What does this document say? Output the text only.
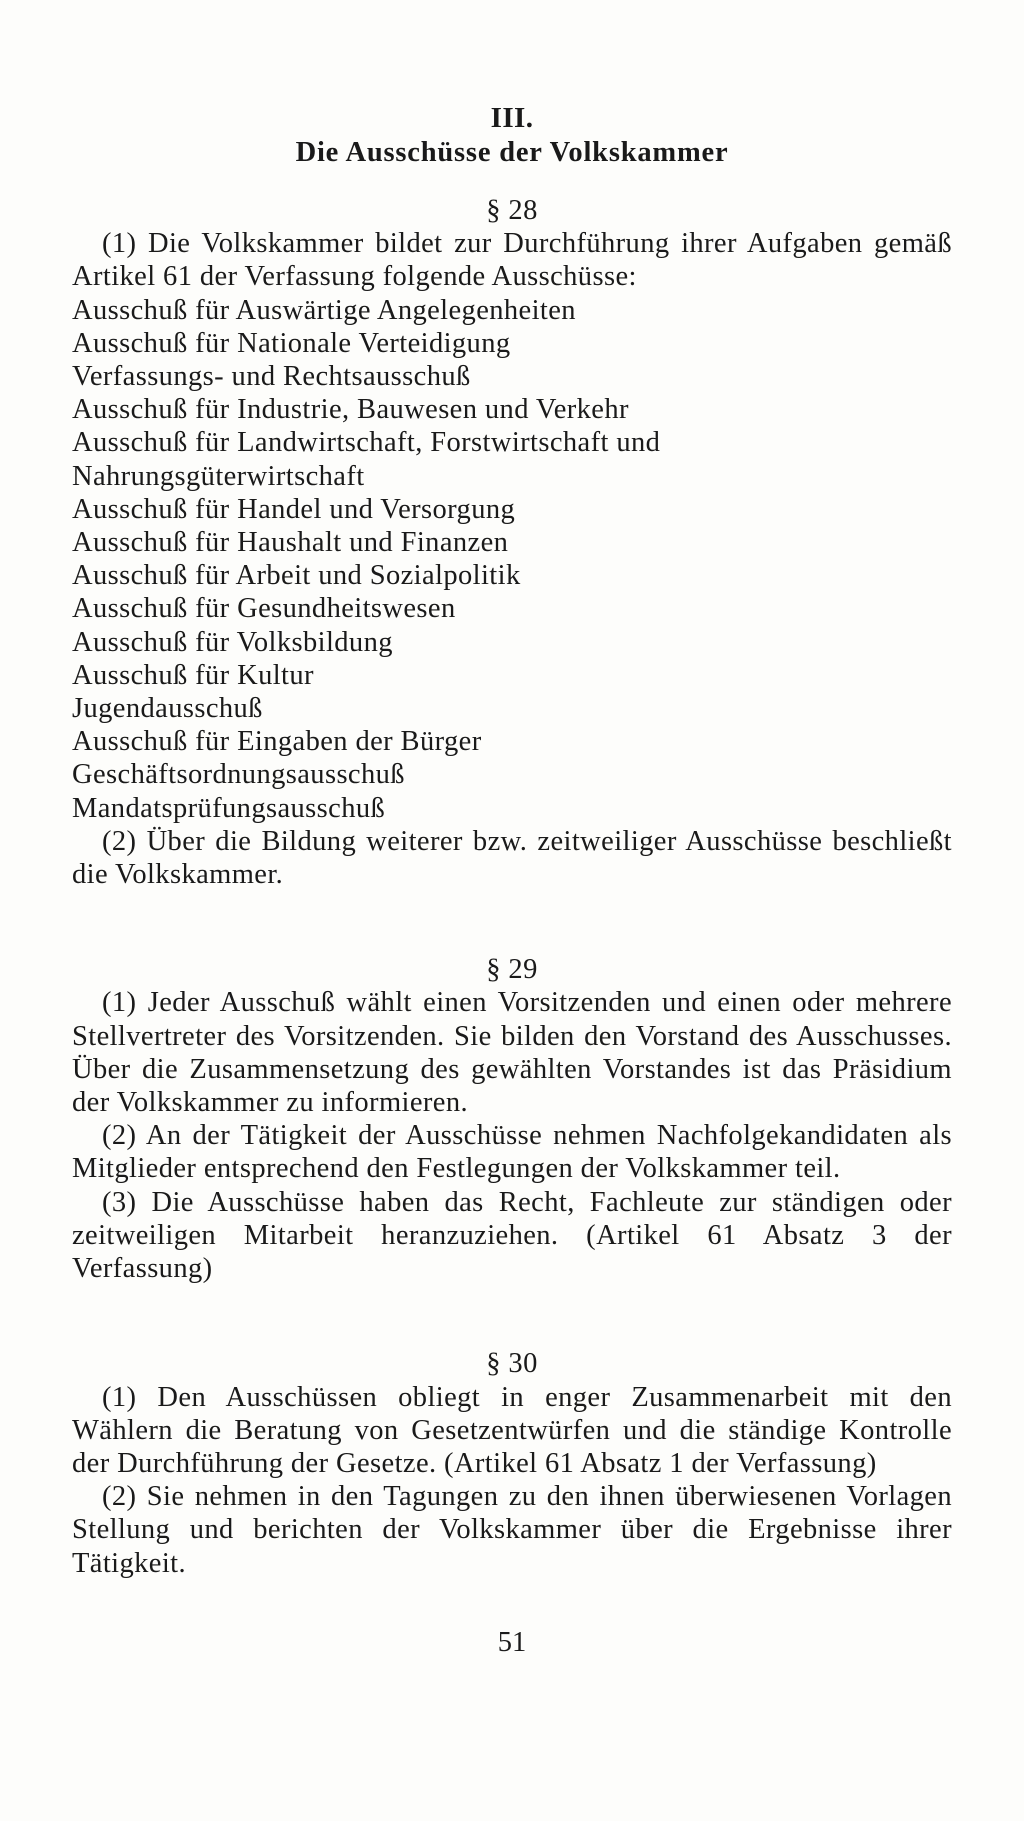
III.

Die Ausschüsse der Volkskammer

§ 28

(1) Die Volkskammer bildet zur Durchführung ihrer Aufgaben gemäß Artikel 61 der Verfassung folgende Ausschüsse:

Ausschuß für Auswärtige Angelegenheiten
Ausschuß für Nationale Verteidigung
Verfassungs- und Rechtsausschuß
Ausschuß für Industrie, Bauwesen und Verkehr
Ausschuß für Landwirtschaft, Forstwirtschaft und Nahrungsgüterwirtschaft
Ausschuß für Handel und Versorgung
Ausschuß für Haushalt und Finanzen
Ausschuß für Arbeit und Sozialpolitik
Ausschuß für Gesundheitswesen
Ausschuß für Volksbildung
Ausschuß für Kultur
Jugendausschuß
Ausschuß für Eingaben der Bürger
Geschäftsordnungsausschuß
Mandatsprüfungsausschuß

(2) Über die Bildung weiterer bzw. zeitweiliger Ausschüsse beschließt die Volkskammer.

§ 29

(1) Jeder Ausschuß wählt einen Vorsitzenden und einen oder mehrere Stellvertreter des Vorsitzenden. Sie bilden den Vorstand des Ausschusses. Über die Zusammensetzung des gewählten Vorstandes ist das Präsidium der Volkskammer zu informieren.

(2) An der Tätigkeit der Ausschüsse nehmen Nachfolgekandidaten als Mitglieder entsprechend den Festlegungen der Volkskammer teil.

(3) Die Ausschüsse haben das Recht, Fachleute zur ständigen oder zeitweiligen Mitarbeit heranzuziehen. (Artikel 61 Absatz 3 der Verfassung)

§ 30

(1) Den Ausschüssen obliegt in enger Zusammenarbeit mit den Wählern die Beratung von Gesetzentwürfen und die ständige Kontrolle der Durchführung der Gesetze. (Artikel 61 Absatz 1 der Verfassung)

(2) Sie nehmen in den Tagungen zu den ihnen überwiesenen Vorlagen Stellung und berichten der Volkskammer über die Ergebnisse ihrer Tätigkeit.

51
